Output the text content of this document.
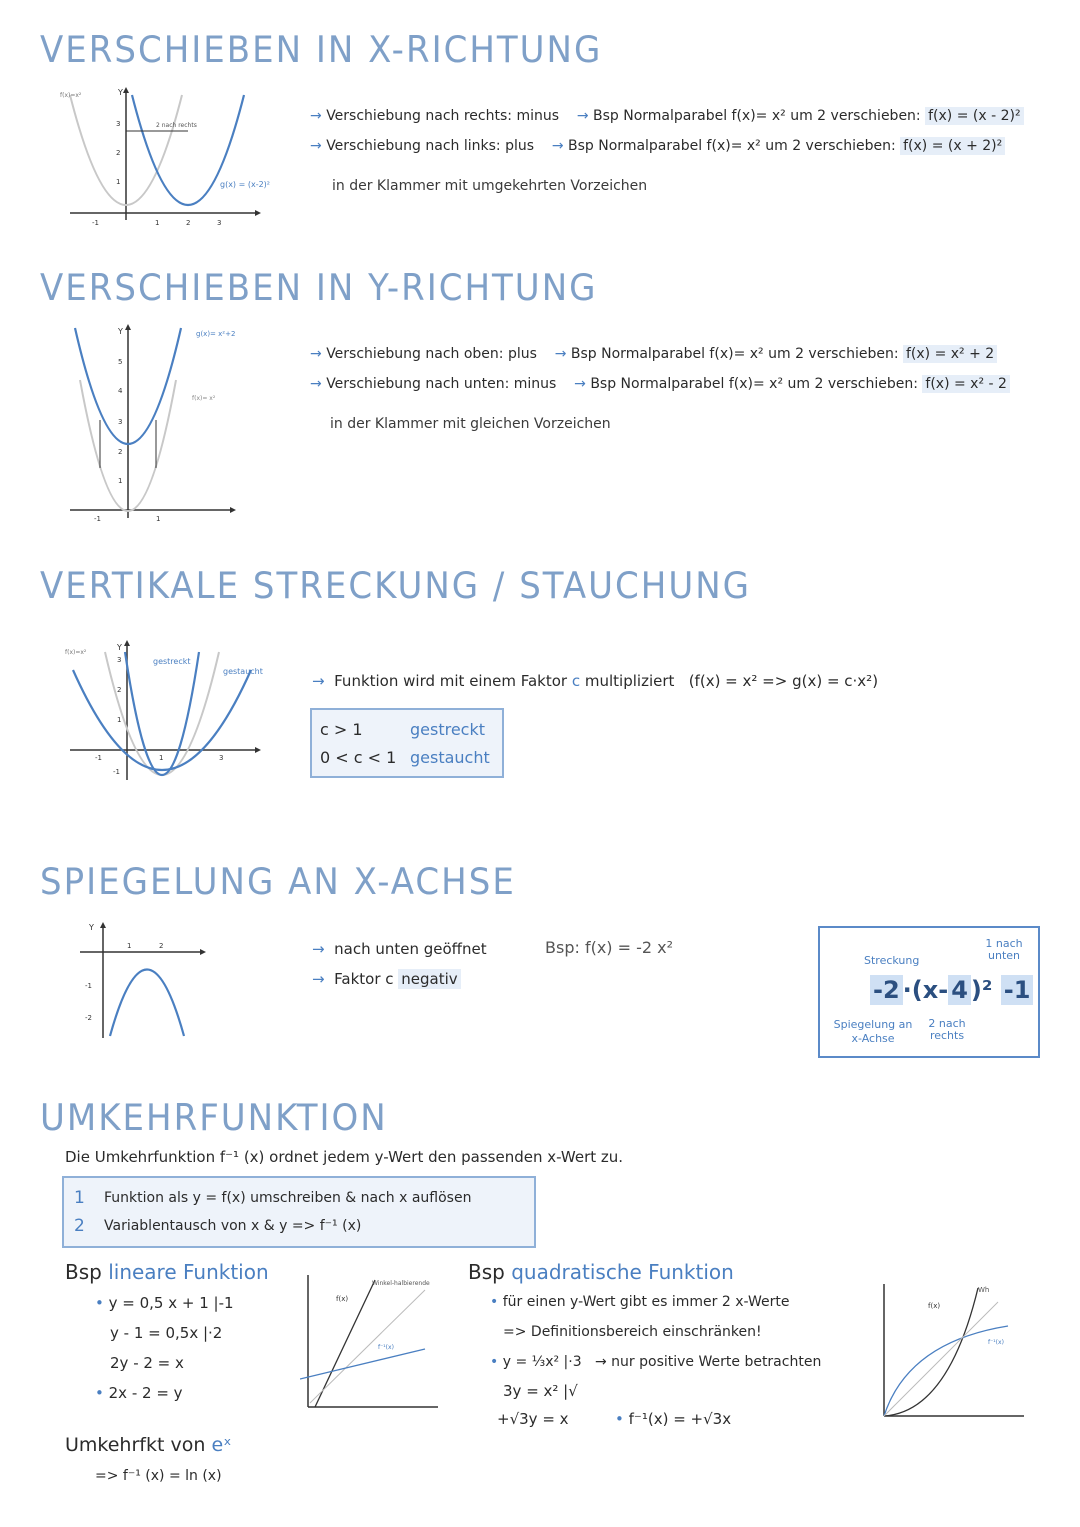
VERSCHIEBEN IN X-RICHTUNG
2 nach rechts
f(x)=x²
g(x) = (x-2)²
Y
3
2
1
-1	1	2	3
→ Verschiebung nach rechts: minus → Bsp Normalparabel f(x)= x² um 2 verschieben: f(x) = (x - 2)²
→ Verschiebung nach links: plus → Bsp Normalparabel f(x)= x² um 2 verschieben: f(x) = (x + 2)²
in der Klammer mit umgekehrten Vorzeichen
VERSCHIEBEN IN Y-RICHTUNG
g(x)= x²+2
f(x)= x²
Y
5
4
3
2
1
-1	1
→ Verschiebung nach oben: plus → Bsp Normalparabel f(x)= x² um 2 verschieben: f(x) = x² + 2
→ Verschiebung nach unten: minus → Bsp Normalparabel f(x)= x² um 2 verschieben: f(x) = x² - 2
in der Klammer mit gleichen Vorzeichen
VERTIKALE STRECKUNG / STAUCHUNG
f(x)=x²
gestreckt
gestaucht
Y
3
2
1
-1
-1	1	3
→ Funktion wird mit einem Faktor c multipliziert (f(x) = x² => g(x) = c·x²)
c > 1	gestreckt
0 < c < 1 gestaucht
SPIEGELUNG AN X-ACHSE
Y
-1
-2
1	2	→ nach unten geöffnet
→ Faktor c negativ
Bsp: f(x) = -2 x²
Streckung
1 nach unten
-2 ·(x- 4 )² -1
Spiegelung an x-Achse
2 nach rechts
UMKEHRFUNKTION
Die Umkehrfunktion f⁻¹ (x) ordnet jedem y-Wert den passenden x-Wert zu.
1 Funktion als y = f(x) umschreiben & nach x auflösen
2 Variablentausch von x & y => f⁻¹ (x)
Bsp lineare Funktion
• y = 0,5 x + 1 |-1
y - 1 = 0,5x |·2
2y - 2 = x
• 2x - 2 = y
f(x)
Winkel-halbierende
f⁻¹(x)
Umkehrfkt von eˣ
=> f⁻¹ (x) = ln (x)
Bsp quadratische Funktion
• für einen y-Wert gibt es immer 2 x-Werte
=> Definitionsbereich einschränken!
• y = ⅓x² |·3 → nur positive Werte betrachten
3y = x² |√
+√3y = x	• f⁻¹(x) = +√3x
f(x)
Wh
f⁻¹(x)
